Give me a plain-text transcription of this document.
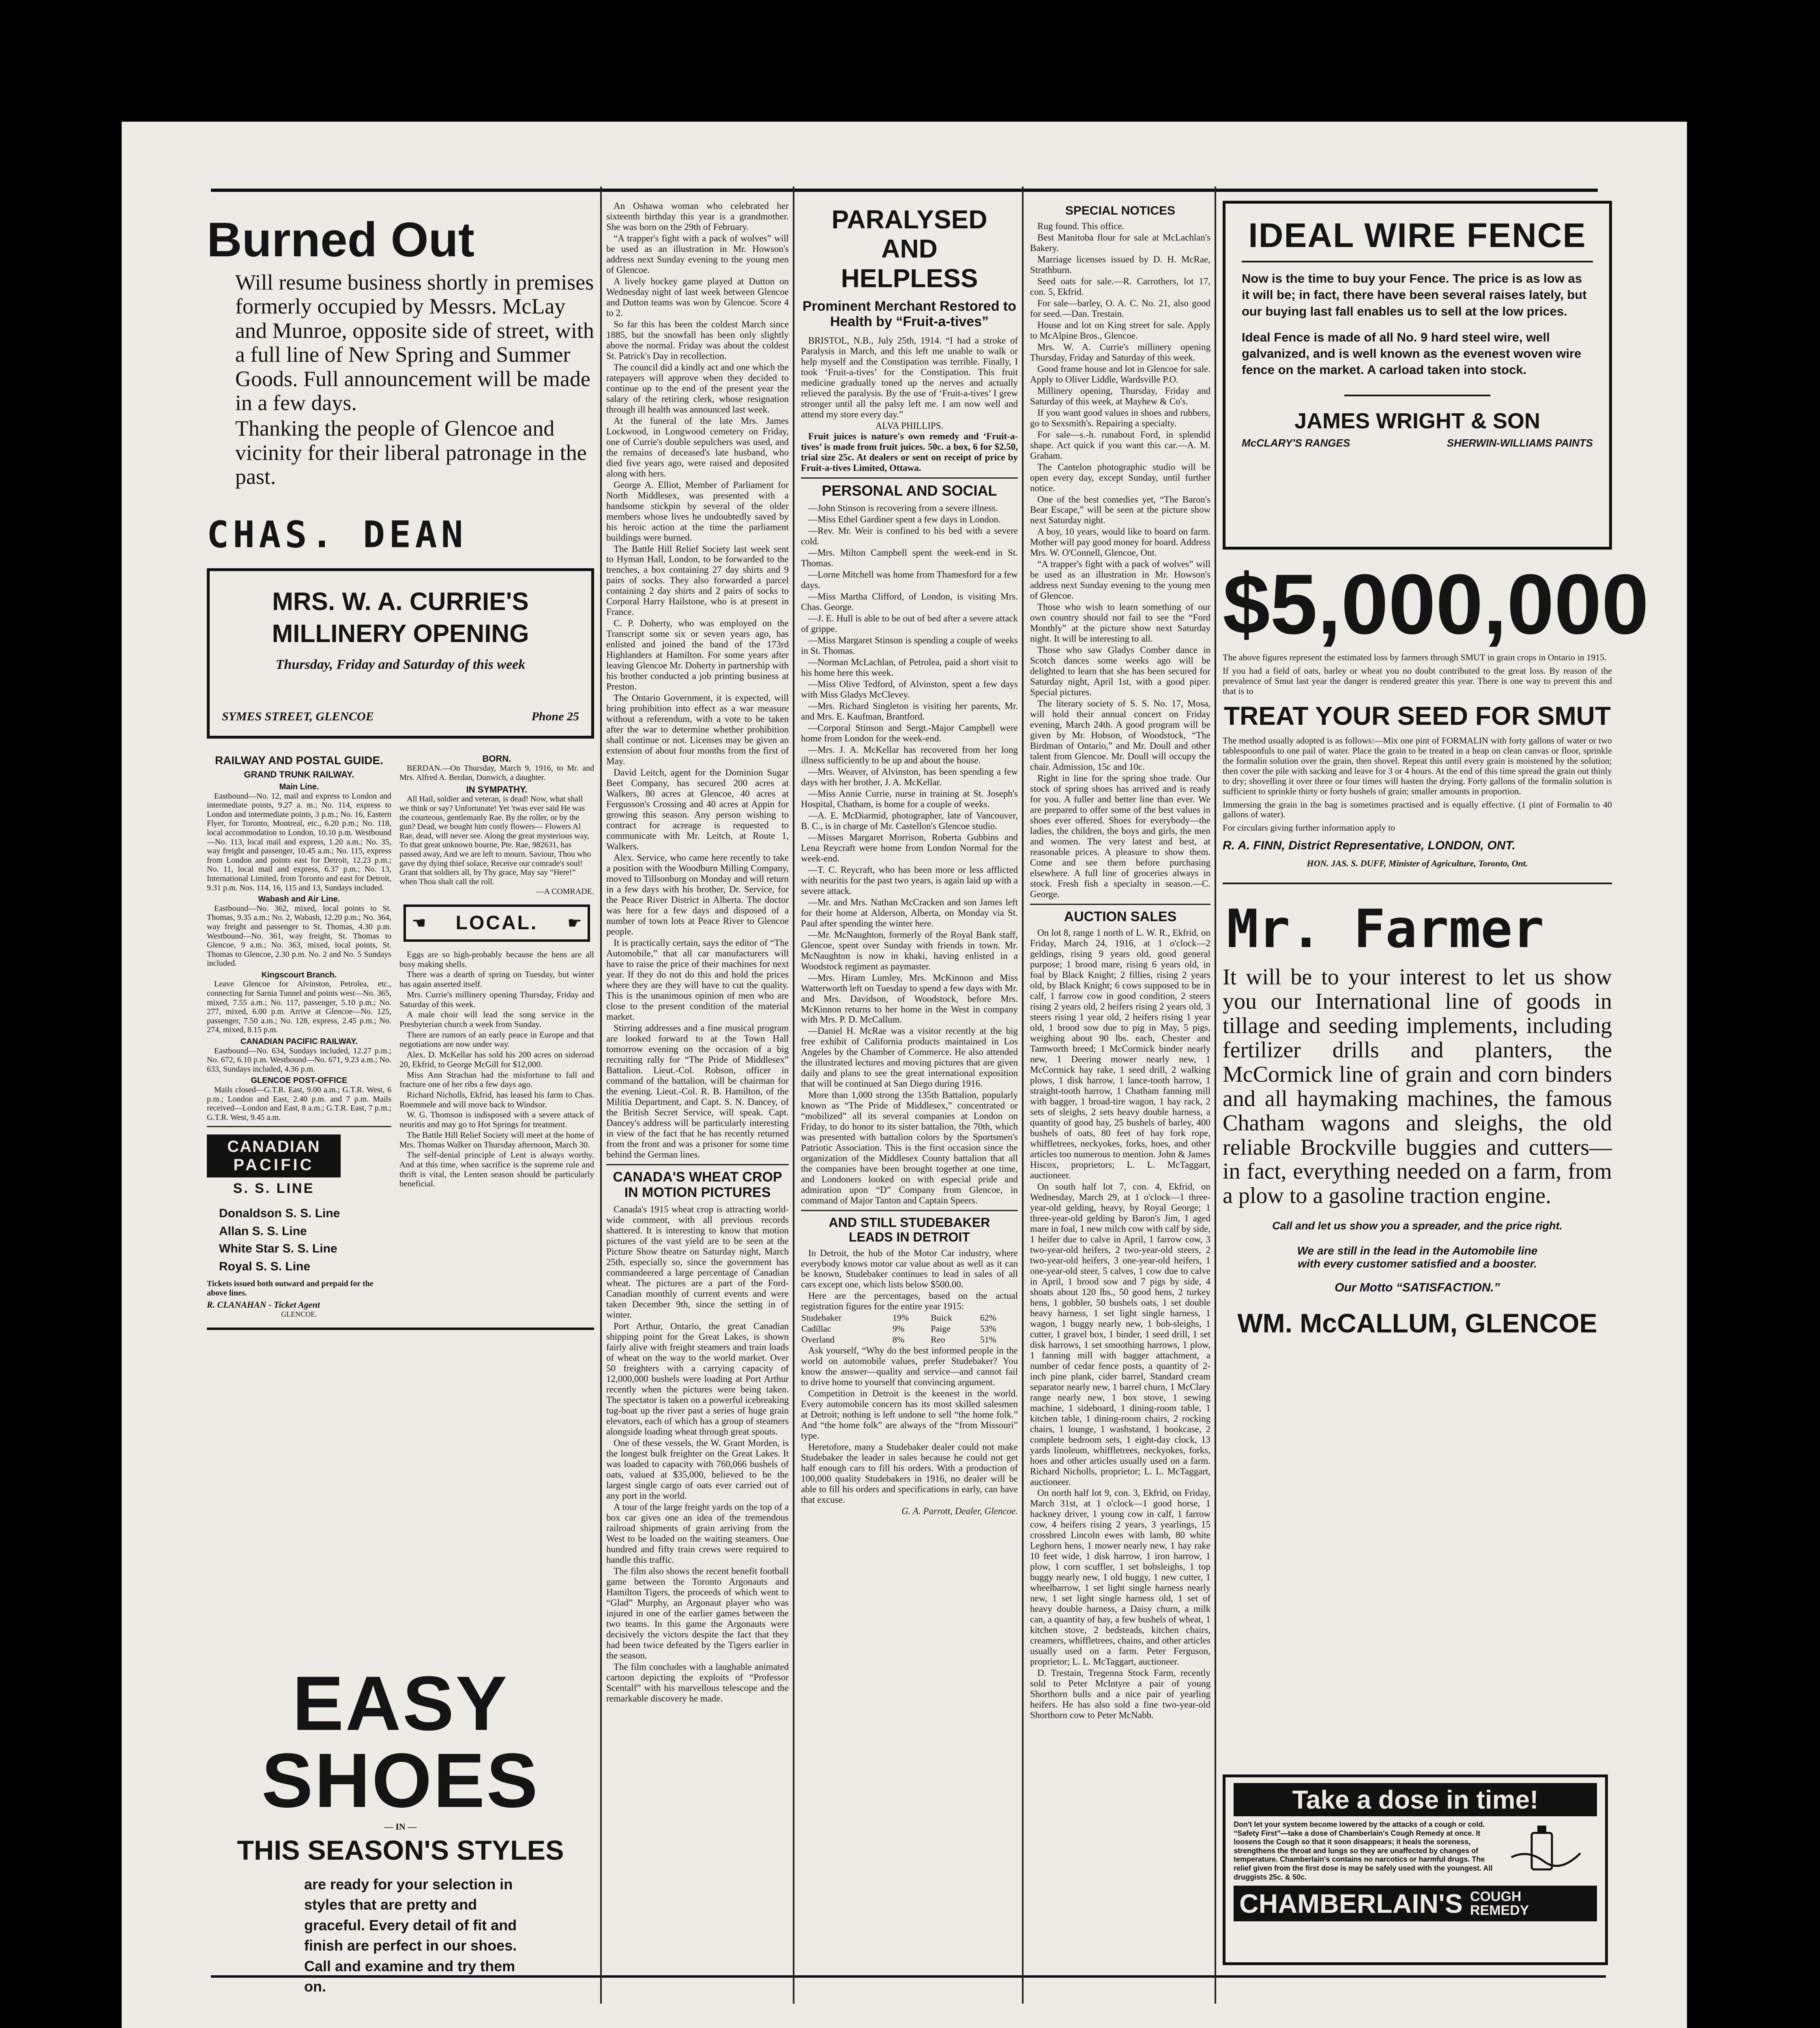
Burned Out

Will resume business shortly in premises formerly occupied by Messrs. McLay and Munroe, opposite side of street, with a full line of New Spring and Summer Goods. Full announcement will be made in a few days.

Thanking the people of Glencoe and vicinity for their liberal patronage in the past.

CHAS. DEAN
MRS. W. A. CURRIE'S
MILLINERY OPENING
Thursday, Friday and Saturday of this week
SYMES STREET, GLENCOE	Phone 25
RAILWAY AND POSTAL GUIDE.
GRAND TRUNK RAILWAY.
Main Line.

Eastbound—No. 12, mail and express to London and intermediate points, 9.27 a. m.; No. 114, express to London and intermediate points, 3 p.m.; No. 16, Eastern Flyer, for Toronto, Montreal, etc., 6.20 p.m.; No. 118, local accommodation to London, 10.10 p.m. Westbound—No. 113, local mail and express, 1.20 a.m.; No. 35, way freight and passenger, 10.45 a.m.; No. 115, express from London and points east for Detroit, 12.23 p.m.; No. 11, local mail and express, 6.37 p.m.; No. 13, International Limited, from Toronto and east for Detroit, 9.31 p.m. Nos. 114, 16, 115 and 13, Sundays included.

Wabash and Air Line.

Eastbound—No. 362, mixed, local points to St. Thomas, 9.35 a.m.; No. 2, Wabash, 12.20 p.m.; No. 364, way freight and passenger to St. Thomas, 4.30 p.m. Westbound—No. 361, way freight, St. Thomas to Glencoe, 9 a.m.; No. 363, mixed, local points, St. Thomas to Glencoe, 2.30 p.m. No. 2 and No. 5 Sundays included.

Kingscourt Branch.

Leave Glencoe for Alvinston, Petrolea, etc., connecting for Sarnia Tunnel and points west—No. 365, mixed, 7.55 a.m.; No. 117, passenger, 5.10 p.m.; No. 277, mixed, 6.00 p.m. Arrive at Glencoe—No. 125, passenger, 7.50 a.m.; No. 128, express, 2.45 p.m.; No. 274, mixed, 8.15 p.m.

CANADIAN PACIFIC RAILWAY.

Eastbound—No. 634, Sundays included, 12.27 p.m.; No. 672, 6.10 p.m. Westbound—No. 671, 9.23 a.m.; No. 633, Sundays included, 4.36 p.m.

GLENCOE POST-OFFICE

Mails closed—G.T.R. East, 9.00 a.m.; G.T.R. West, 6 p.m.; London and East, 2.40 p.m. and 7 p.m. Mails received—London and East, 8 a.m.; G.T.R. East, 7 p.m.; G.T.R. West, 9.45 a.m.

CANADIAN
PACIFIC
S. S. LINE
Donaldson S. S. Line
Allan S. S. Line
White Star S. S. Line
Royal S. S. Line

Tickets issued both outward and prepaid for the above lines.

R. CLANAHAN - Ticket Agent
GLENCOE.
BORN.

BERDAN.—On Thursday, March 9, 1916, to Mr. and Mrs. Alfred A. Berdan, Dunwich, a daughter.

IN SYMPATHY.

All Hail, soldier and veteran, is dead! Now, what shall we think or say? Unfortunate! Yet 'twas ever said He was the courteous, gentlemanly Rae. By the roller, or by the gun? Dead, we bought him costly flowers— Flowers Al Rae, dead, will never see. Along the great mysterious way, To that great unknown bourne, Pte. Rae, 982631, has passed away, And we are left to mourn. Saviour, Thou who gave thy dying thief solace, Receive our comrade's soul! Grant that soldiers all, by Thy grace, May say “Here!” when Thou shalt call the roll.

—A COMRADE.
☚ LOCAL. ☛

Eggs are so high-probably because the hens are all busy making shells.

There was a dearth of spring on Tuesday, but winter has again asserted itself.

Mrs. Currie's millinery opening Thursday, Friday and Saturday of this week.

A male choir will lead the song service in the Presbyterian church a week from Sunday.

There are rumors of an early peace in Europe and that negotiations are now under way.

Alex. D. McKellar has sold his 200 acres on sideroad 20, Ekfrid, to George McGill for $12,000.

Miss Ann Strachan had the misfortune to fall and fracture one of her ribs a few days ago.

Richard Nicholls, Ekfrid, has leased his farm to Chas. Roemmele and will move back to Windsor.

W. G. Thomson is indisposed with a severe attack of neuritis and may go to Hot Springs for treatment.

The Battle Hill Relief Society will meet at the home of Mrs. Thomas Walker on Thursday afternoon, March 30.

The self-denial principle of Lent is always worthy. And at this time, when sacrifice is the supreme rule and thrift is vital, the Lenten season should be particularly beneficial.

EASY SHOES
— IN —
THIS SEASON'S STYLES

are ready for your selection in styles that are pretty and graceful. Every detail of fit and finish are perfect in our shoes. Call and examine and try them on.

An Oshawa woman who celebrated her sixteenth birthday this year is a grandmother. She was born on the 29th of February.

“A trapper's fight with a pack of wolves” will be used as an illustration in Mr. Howson's address next Sunday evening to the young men of Glencoe.

A lively hockey game played at Dutton on Wednesday night of last week between Glencoe and Dutton teams was won by Glencoe. Score 4 to 2.

So far this has been the coldest March since 1885, but the snowfall has been only slightly above the normal. Friday was about the coldest St. Patrick's Day in recollection.

The council did a kindly act and one which the ratepayers will approve when they decided to continue up to the end of the present year the salary of the retiring clerk, whose resignation through ill health was announced last week.

At the funeral of the late Mrs. James Lockwood, in Longwood cemetery on Friday, one of Currie's double sepulchers was used, and the remains of deceased's late husband, who died five years ago, were raised and deposited along with hers.

George A. Elliot, Member of Parliament for North Middlesex, was presented with a handsome stickpin by several of the older members whose lives he undoubtedly saved by his heroic action at the time the parliament buildings were burned.

The Battle Hill Relief Society last week sent to Hyman Hall, London, to be forwarded to the trenches, a box containing 27 day shirts and 9 pairs of socks. They also forwarded a parcel containing 2 day shirts and 2 pairs of socks to Corporal Harry Hailstone, who is at present in France.

C. P. Doherty, who was employed on the Transcript some six or seven years ago, has enlisted and joined the band of the 173rd Highlanders at Hamilton. For some years after leaving Glencoe Mr. Doherty in partnership with his brother conducted a job printing business at Preston.

The Ontario Government, it is expected, will bring prohibition into effect as a war measure without a referendum, with a vote to be taken after the war to determine whether prohibition shall continue or not. Licenses may be given an extension of about four months from the first of May.

David Leitch, agent for the Dominion Sugar Beet Company, has secured 200 acres at Walkers, 80 acres at Glencoe, 40 acres at Fergusson's Crossing and 40 acres at Appin for growing this season. Any person wishing to contract for acreage is requested to communicate with Mr. Leitch, at Route 1, Walkers.

Alex. Service, who came here recently to take a position with the Woodburn Milling Company, moved to Tillsonburg on Monday and will return in a few days with his brother, Dr. Service, for the Peace River District in Alberta. The doctor was here for a few days and disposed of a number of town lots at Peace River to Glencoe people.

It is practically certain, says the editor of “The Automobile,” that all car manufacturers will have to raise the price of their machines for next year. If they do not do this and hold the prices where they are they will have to cut the quality. This is the unanimous opinion of men who are close to the present condition of the material market.

Stirring addresses and a fine musical program are looked forward to at the Town Hall tomorrow evening on the occasion of a big recruiting rally for “The Pride of Middlesex” Battalion. Lieut.-Col. Robson, officer in command of the battalion, will be chairman for the evening. Lieut.-Col. R. B. Hamilton, of the Militia Department, and Capt. S. N. Dancey, of the British Secret Service, will speak. Capt. Dancey's address will be particularly interesting in view of the fact that he has recently returned from the front and was a prisoner for some time behind the German lines.

CANADA'S WHEAT CROP
IN MOTION PICTURES

Canada's 1915 wheat crop is attracting world-wide comment, with all previous records shattered. It is interesting to know that motion pictures of the vast yield are to be seen at the Picture Show theatre on Saturday night, March 25th, especially so, since the government has commandeered a large percentage of Canadian wheat. The pictures are a part of the Ford-Canadian monthly of current events and were taken December 9th, since the setting in of winter.

Port Arthur, Ontario, the great Canadian shipping point for the Great Lakes, is shown fairly alive with freight steamers and train loads of wheat on the way to the world market. Over 50 freighters with a carrying capacity of 12,000,000 bushels were loading at Port Arthur recently when the pictures were being taken. The spectator is taken on a powerful icebreaking tug-boat up the river past a series of huge grain elevators, each of which has a group of steamers alongside loading wheat through great spouts.

One of these vessels, the W. Grant Morden, is the longest bulk freighter on the Great Lakes. It was loaded to capacity with 760,066 bushels of oats, valued at $35,000, believed to be the largest single cargo of oats ever carried out of any port in the world.

A tour of the large freight yards on the top of a box car gives one an idea of the tremendous railroad shipments of grain arriving from the West to be loaded on the waiting steamers. One hundred and fifty train crews were required to handle this traffic.

The film also shows the recent benefit football game between the Toronto Argonauts and Hamilton Tigers, the proceeds of which went to “Glad” Murphy, an Argonaut player who was injured in one of the earlier games between the two teams. In this game the Argonauts were decisively the victors despite the fact that they had been twice defeated by the Tigers earlier in the season.

The film concludes with a laughable animated cartoon depicting the exploits of “Professor Scentalf” with his marvellous telescope and the remarkable discovery he made.

PARALYSED AND
HELPLESS
Prominent Merchant Restored to Health by “Fruit-a-tives”

BRISTOL, N.B., July 25th, 1914. “I had a stroke of Paralysis in March, and this left me unable to walk or help myself and the Constipation was terrible. Finally, I took ‘Fruit-a-tives’ for the Constipation. This fruit medicine gradually toned up the nerves and actually relieved the paralysis. By the use of ‘Fruit-a-tives’ I grew stronger until all the palsy left me. I am now well and attend my store every day.”

ALVA PHILLIPS.

Fruit juices is nature's own remedy and ‘Fruit-a-tives’ is made from fruit juices. 50c. a box, 6 for $2.50, trial size 25c. At dealers or sent on receipt of price by Fruit-a-tives Limited, Ottawa.

PERSONAL AND SOCIAL

—John Stinson is recovering from a severe illness.

—Miss Ethel Gardiner spent a few days in London.

—Rev. Mr. Weir is confined to his bed with a severe cold.

—Mrs. Milton Campbell spent the week-end in St. Thomas.

—Lorne Mitchell was home from Thamesford for a few days.

—Miss Martha Clifford, of London, is visiting Mrs. Chas. George.

—J. E. Hull is able to be out of bed after a severe attack of grippe.

—Miss Margaret Stinson is spending a couple of weeks in St. Thomas.

—Norman McLachlan, of Petrolea, paid a short visit to his home here this week.

—Miss Olive Tedford, of Alvinston, spent a few days with Miss Gladys McClevey.

—Mrs. Richard Singleton is visiting her parents, Mr. and Mrs. E. Kaufman, Brantford.

—Corporal Stinson and Sergt.-Major Campbell were home from London for the week-end.

—Mrs. J. A. McKellar has recovered from her long illness sufficiently to be up and about the house.

—Mrs. Weaver, of Alvinston, has been spending a few days with her brother, J. A. McKellar.

—Miss Annie Currie, nurse in training at St. Joseph's Hospital, Chatham, is home for a couple of weeks.

—A. E. McDiarmid, photographer, late of Vancouver, B. C., is in charge of Mr. Castellon's Glencoe studio.

—Misses Margaret Morrison, Roberta Gubbins and Lena Reycraft were home from London Normal for the week-end.

—T. C. Reycraft, who has been more or less afflicted with neuritis for the past two years, is again laid up with a severe attack.

—Mr. and Mrs. Nathan McCracken and son James left for their home at Alderson, Alberta, on Monday via St. Paul after spending the winter here.

—Mr. McNaughton, formerly of the Royal Bank staff, Glencoe, spent over Sunday with friends in town. Mr. McNaughton is now in khaki, having enlisted in a Woodstock regiment as paymaster.

—Mrs. Hiram Lumley, Mrs. McKinnon and Miss Watterworth left on Tuesday to spend a few days with Mr. and Mrs. Davidson, of Woodstock, before Mrs. McKinnon returns to her home in the West in company with Mrs. P. D. McCallum.

—Daniel H. McRae was a visitor recently at the big free exhibit of California products maintained in Los Angeles by the Chamber of Commerce. He also attended the illustrated lectures and moving pictures that are given daily and plans to see the great international exposition that will be continued at San Diego during 1916.

More than 1,000 strong the 135th Battalion, popularly known as “The Pride of Middlesex,” concentrated or “mobilized” all its several companies at London on Friday, to do honor to its sister battalion, the 70th, which was presented with battalion colors by the Sportsmen's Patriotic Association. This is the first occasion since the organization of the Middlesex County battalion that all the companies have been brought together at one time, and Londoners looked on with especial pride and admiration upon “D” Company from Glencoe, in command of Major Tanton and Captain Speers.

AND STILL STUDEBAKER
LEADS IN DETROIT

In Detroit, the hub of the Motor Car industry, where everybody knows motor car value about as well as it can be known, Studebaker continues to lead in sales of all cars except one, which lists below $500.00.

Here are the percentages, based on the actual registration figures for the entire year 1915:

Studebaker	19%	Buick	62%
Cadillac	9%	Paige	53%
Overland	8%	Reo	51%

Ask yourself, “Why do the best informed people in the world on automobile values, prefer Studebaker? You know the answer—quality and service—and cannot fail to drive home to yourself that convincing argument.

Competition in Detroit is the keenest in the world. Every automobile concern has its most skilled salesmen at Detroit; nothing is left undone to sell “the home folk.” And “the home folk” are always of the “from Missouri” type.

Heretofore, many a Studebaker dealer could not make Studebaker the leader in sales because he could not get half enough cars to fill his orders. With a production of 100,000 quality Studebakers in 1916, no dealer will be able to fill his orders and specifications in early, can have that excuse.

G. A. Parrott, Dealer, Glencoe.
SPECIAL NOTICES

Rug found. This office.

Best Manitoba flour for sale at McLachlan's Bakery.

Marriage licenses issued by D. H. McRae, Strathburn.

Seed oats for sale.—R. Carrothers, lot 17, con. 5, Ekfrid.

For sale—barley, O. A. C. No. 21, also good for seed.—Dan. Trestain.

House and lot on King street for sale. Apply to McAlpine Bros., Glencoe.

Mrs. W. A. Currie's millinery opening Thursday, Friday and Saturday of this week.

Good frame house and lot in Glencoe for sale. Apply to Oliver Liddle, Wardsville P.O.

Millinery opening, Thursday, Friday and Saturday of this week, at Mayhew & Co's.

If you want good values in shoes and rubbers, go to Sexsmith's. Repairing a specialty.

For sale—s.-h. runabout Ford, in splendid shape. Act quick if you want this car.—A. M. Graham.

The Cantelon photographic studio will be open every day, except Sunday, until further notice.

One of the best comedies yet, “The Baron's Bear Escape,” will be seen at the picture show next Saturday night.

A boy, 10 years, would like to board on farm. Mother will pay good money for board. Address Mrs. W. O'Connell, Glencoe, Ont.

“A trapper's fight with a pack of wolves” will be used as an illustration in Mr. Howson's address next Sunday evening to the young men of Glencoe.

Those who wish to learn something of our own country should not fail to see the “Ford Monthly” at the picture show next Saturday night. It will be interesting to all.

Those who saw Gladys Comber dance in Scotch dances some weeks ago will be delighted to learn that she has been secured for Saturday night, April 1st, with a good piper. Special pictures.

The literary society of S. S. No. 17, Mosa, will hold their annual concert on Friday evening, March 24th. A good program will be given by Mr. Hobson, of Woodstock, “The Birdman of Ontario,” and Mr. Doull and other talent from Glencoe. Mr. Doull will occupy the chair. Admission, 15c and 10c.

Right in line for the spring shoe trade. Our stock of spring shoes has arrived and is ready for you. A fuller and better line than ever. We are prepared to offer some of the best values in shoes ever offered. Shoes for everybody—the ladies, the children, the boys and girls, the men and women. The very latest and best, at reasonable prices. A pleasure to show them. Come and see them before purchasing elsewhere. A full line of groceries always in stock. Fresh fish a specialty in season.—C. George.

AUCTION SALES

On lot 8, range 1 north of L. W. R., Ekfrid, on Friday, March 24, 1916, at 1 o'clock—2 geldings, rising 9 years old, good general purpose; 1 brood mare, rising 6 years old, in foal by Black Knight; 2 fillies, rising 2 years old, by Black Knight; 6 cows supposed to be in calf, 1 farrow cow in good condition, 2 steers rising 2 years old, 2 heifers rising 2 years old, 3 steers rising 1 year old, 2 heifers rising 1 year old, 1 brood sow due to pig in May, 5 pigs, weighing about 90 lbs. each, Chester and Tamworth breed; 1 McCormick binder nearly new, 1 Deering mower nearly new, 1 McCormick hay rake, 1 seed drill, 2 walking plows, 1 disk harrow, 1 lance-tooth harrow, 1 straight-tooth harrow, 1 Chatham fanning mill with bagger, 1 broad-tire wagon, 1 hay rack, 2 sets of sleighs, 2 sets heavy double harness, a quantity of good hay, 25 bushels of barley, 400 bushels of oats, 80 feet of hay fork rope, whiffletrees, neckyokes, forks, hoes, and other articles too numerous to mention. John & James Hiscox, proprietors; L. L. McTaggart, auctioneer.

On south half lot 7, con. 4, Ekfrid, on Wednesday, March 29, at 1 o'clock—1 three-year-old gelding, heavy, by Royal George; 1 three-year-old gelding by Baron's Jim, 1 aged mare in foal, 1 new milch cow with calf by side, 1 heifer due to calve in April, 1 farrow cow, 3 two-year-old heifers, 2 two-year-old steers, 2 two-year-old heifers, 3 one-year-old heifers, 1 one-year-old steer, 5 calves, 1 cow due to calve in April, 1 brood sow and 7 pigs by side, 4 shoats about 120 lbs., 50 good hens, 2 turkey hens, 1 gobbler, 50 bushels oats, 1 set double heavy harness, 1 set light single harness, 1 wagon, 1 buggy nearly new, 1 bob-sleighs, 1 cutter, 1 gravel box, 1 binder, 1 seed drill, 1 set disk harrows, 1 set smoothing harrows, 1 plow, 1 fanning mill with bagger attachment, a number of cedar fence posts, a quantity of 2-inch pine plank, cider barrel, Standard cream separator nearly new, 1 barrel churn, 1 McClary range nearly new, 1 box stove, 1 sewing machine, 1 sideboard, 1 dining-room table, 1 kitchen table, 1 dining-room chairs, 2 rocking chairs, 1 lounge, 1 washstand, 1 bookcase, 2 complete bedroom sets, 1 eight-day clock, 13 yards linoleum, whiffletrees, neckyokes, forks, hoes and other articles usually used on a farm. Richard Nicholls, proprietor; L. L. McTaggart, auctioneer.

On north half lot 9, con. 3, Ekfrid, on Friday, March 31st, at 1 o'clock—1 good horse, 1 hackney driver, 1 young cow in calf, 1 farrow cow, 4 heifers rising 2 years, 3 yearlings, 15 crossbred Lincoln ewes with lamb, 80 white Leghorn hens, 1 mower nearly new, 1 hay rake 10 feet wide, 1 disk harrow, 1 iron harrow, 1 plow, 1 corn scuffler, 1 set bobsleighs, 1 top buggy nearly new, 1 old buggy, 1 new cutter, 1 wheelbarrow, 1 set light single harness nearly new, 1 set light single harness old, 1 set of heavy double harness, a Daisy churn, a milk can, a quantity of hay, a few bushels of wheat, 1 kitchen stove, 2 bedsteads, kitchen chairs, creamers, whiffletrees, chains, and other articles usually used on a farm. Peter Ferguson, proprietor; L. L. McTaggart, auctioneer.

D. Trestain, Tregenna Stock Farm, recently sold to Peter McIntyre a pair of young Shorthorn bulls and a nice pair of yearling heifers. He has also sold a fine two-year-old Shorthorn cow to Peter McNabb.

IDEAL WIRE FENCE

Now is the time to buy your Fence. The price is as low as it will be; in fact, there have been several raises lately, but our buying last fall enables us to sell at the low prices.

Ideal Fence is made of all No. 9 hard steel wire, well galvanized, and is well known as the evenest woven wire fence on the market. A carload taken into stock.

JAMES WRIGHT & SON
McCLARY'S RANGES	SHERWIN-WILLIAMS PAINTS
$5,000,000

The above figures represent the estimated loss by farmers through SMUT in grain crops in Ontario in 1915.

If you had a field of oats, barley or wheat you no doubt contributed to the great loss. By reason of the prevalence of Smut last year the danger is rendered greater this year. There is one way to prevent this and that is to

TREAT YOUR SEED FOR SMUT

The method usually adopted is as follows:—Mix one pint of FORMALIN with forty gallons of water or two tablespoonfuls to one pail of water. Place the grain to be treated in a heap on clean canvas or floor, sprinkle the formalin solution over the grain, then shovel. Repeat this until every grain is moistened by the solution; then cover the pile with sacking and leave for 3 or 4 hours. At the end of this time spread the grain out thinly to dry; shovelling it over three or four times will hasten the drying. Forty gallons of the formalin solution is sufficient to sprinkle thirty or forty bushels of grain; smaller amounts in proportion.

Immersing the grain in the bag is sometimes practised and is equally effective. (1 pint of Formalin to 40 gallons of water).

For circulars giving further information apply to

R. A. FINN, District Representative, LONDON, ONT.
HON. JAS. S. DUFF, Minister of Agriculture, Toronto, Ont.
Mr. Farmer

It will be to your interest to let us show you our International line of goods in tillage and seeding implements, including fertilizer drills and planters, the McCormick line of grain and corn binders and all haymaking machines, the famous Chatham wagons and sleighs, the old reliable Brockville buggies and cutters—in fact, everything needed on a farm, from a plow to a gasoline traction engine.

Call and let us show you a spreader, and the price right.
We are still in the lead in the Automobile line
with every customer satisfied and a booster.
Our Motto “SATISFACTION.”
WM. McCALLUM, GLENCOE
Take a dose in time!

Don't let your system become lowered by the attacks of a cough or cold. “Safety First”—take a dose of Chamberlain's Cough Remedy at once. It loosens the Cough so that it soon disappears; it heals the soreness, strengthens the throat and lungs so they are unaffected by changes of temperature. Chamberlain's contains no narcotics or harmful drugs. The relief given from the first dose is may be safely used with the youngest. All druggists 25c. & 50c.

CHAMBERLAIN'S COUGH
REMEDY
